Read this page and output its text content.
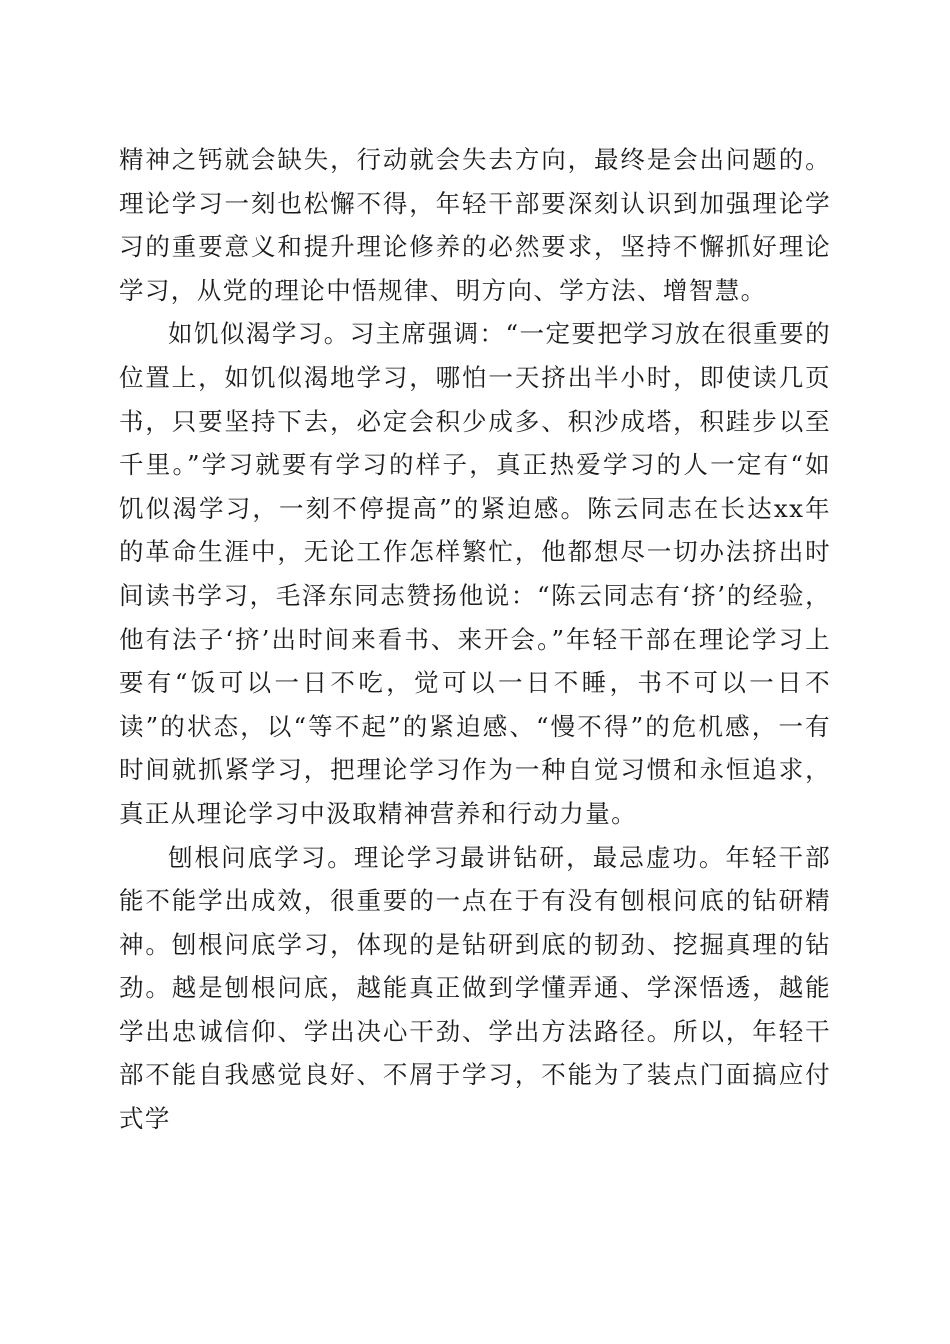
精神之钙就会缺失，行动就会失去方向，最终是会出问题的。理论学习一刻也松懈不得，年轻干部要深刻认识到加强理论学习的重要意义和提升理论修养的必然要求，坚持不懈抓好理论学习，从党的理论中悟规律、明方向、学方法、增智慧。

如饥似渴学习。习主席强调：“一定要把学习放在很重要的位置上，如饥似渴地学习，哪怕一天挤出半小时，即使读几页书，只要坚持下去，必定会积少成多、积沙成塔，积跬步以至千里。”学习就要有学习的样子，真正热爱学习的人一定有“如饥似渴学习，一刻不停提高”的紧迫感。陈云同志在长达xx年的革命生涯中，无论工作怎样繁忙，他都想尽一切办法挤出时间读书学习，毛泽东同志赞扬他说：“陈云同志有‘挤’的经验，他有法子‘挤’出时间来看书、来开会。”年轻干部在理论学习上要有“饭可以一日不吃，觉可以一日不睡，书不可以一日不读”的状态，以“等不起”的紧迫感、“慢不得”的危机感，一有时间就抓紧学习，把理论学习作为一种自觉习惯和永恒追求，真正从理论学习中汲取精神营养和行动力量。

刨根问底学习。理论学习最讲钻研，最忌虚功。年轻干部能不能学出成效，很重要的一点在于有没有刨根问底的钻研精神。刨根问底学习，体现的是钻研到底的韧劲、挖掘真理的钻劲。越是刨根问底，越能真正做到学懂弄通、学深悟透，越能学出忠诚信仰、学出决心干劲、学出方法路径。所以，年轻干部不能自我感觉良好、不屑于学习，不能为了装点门面搞应付式学
